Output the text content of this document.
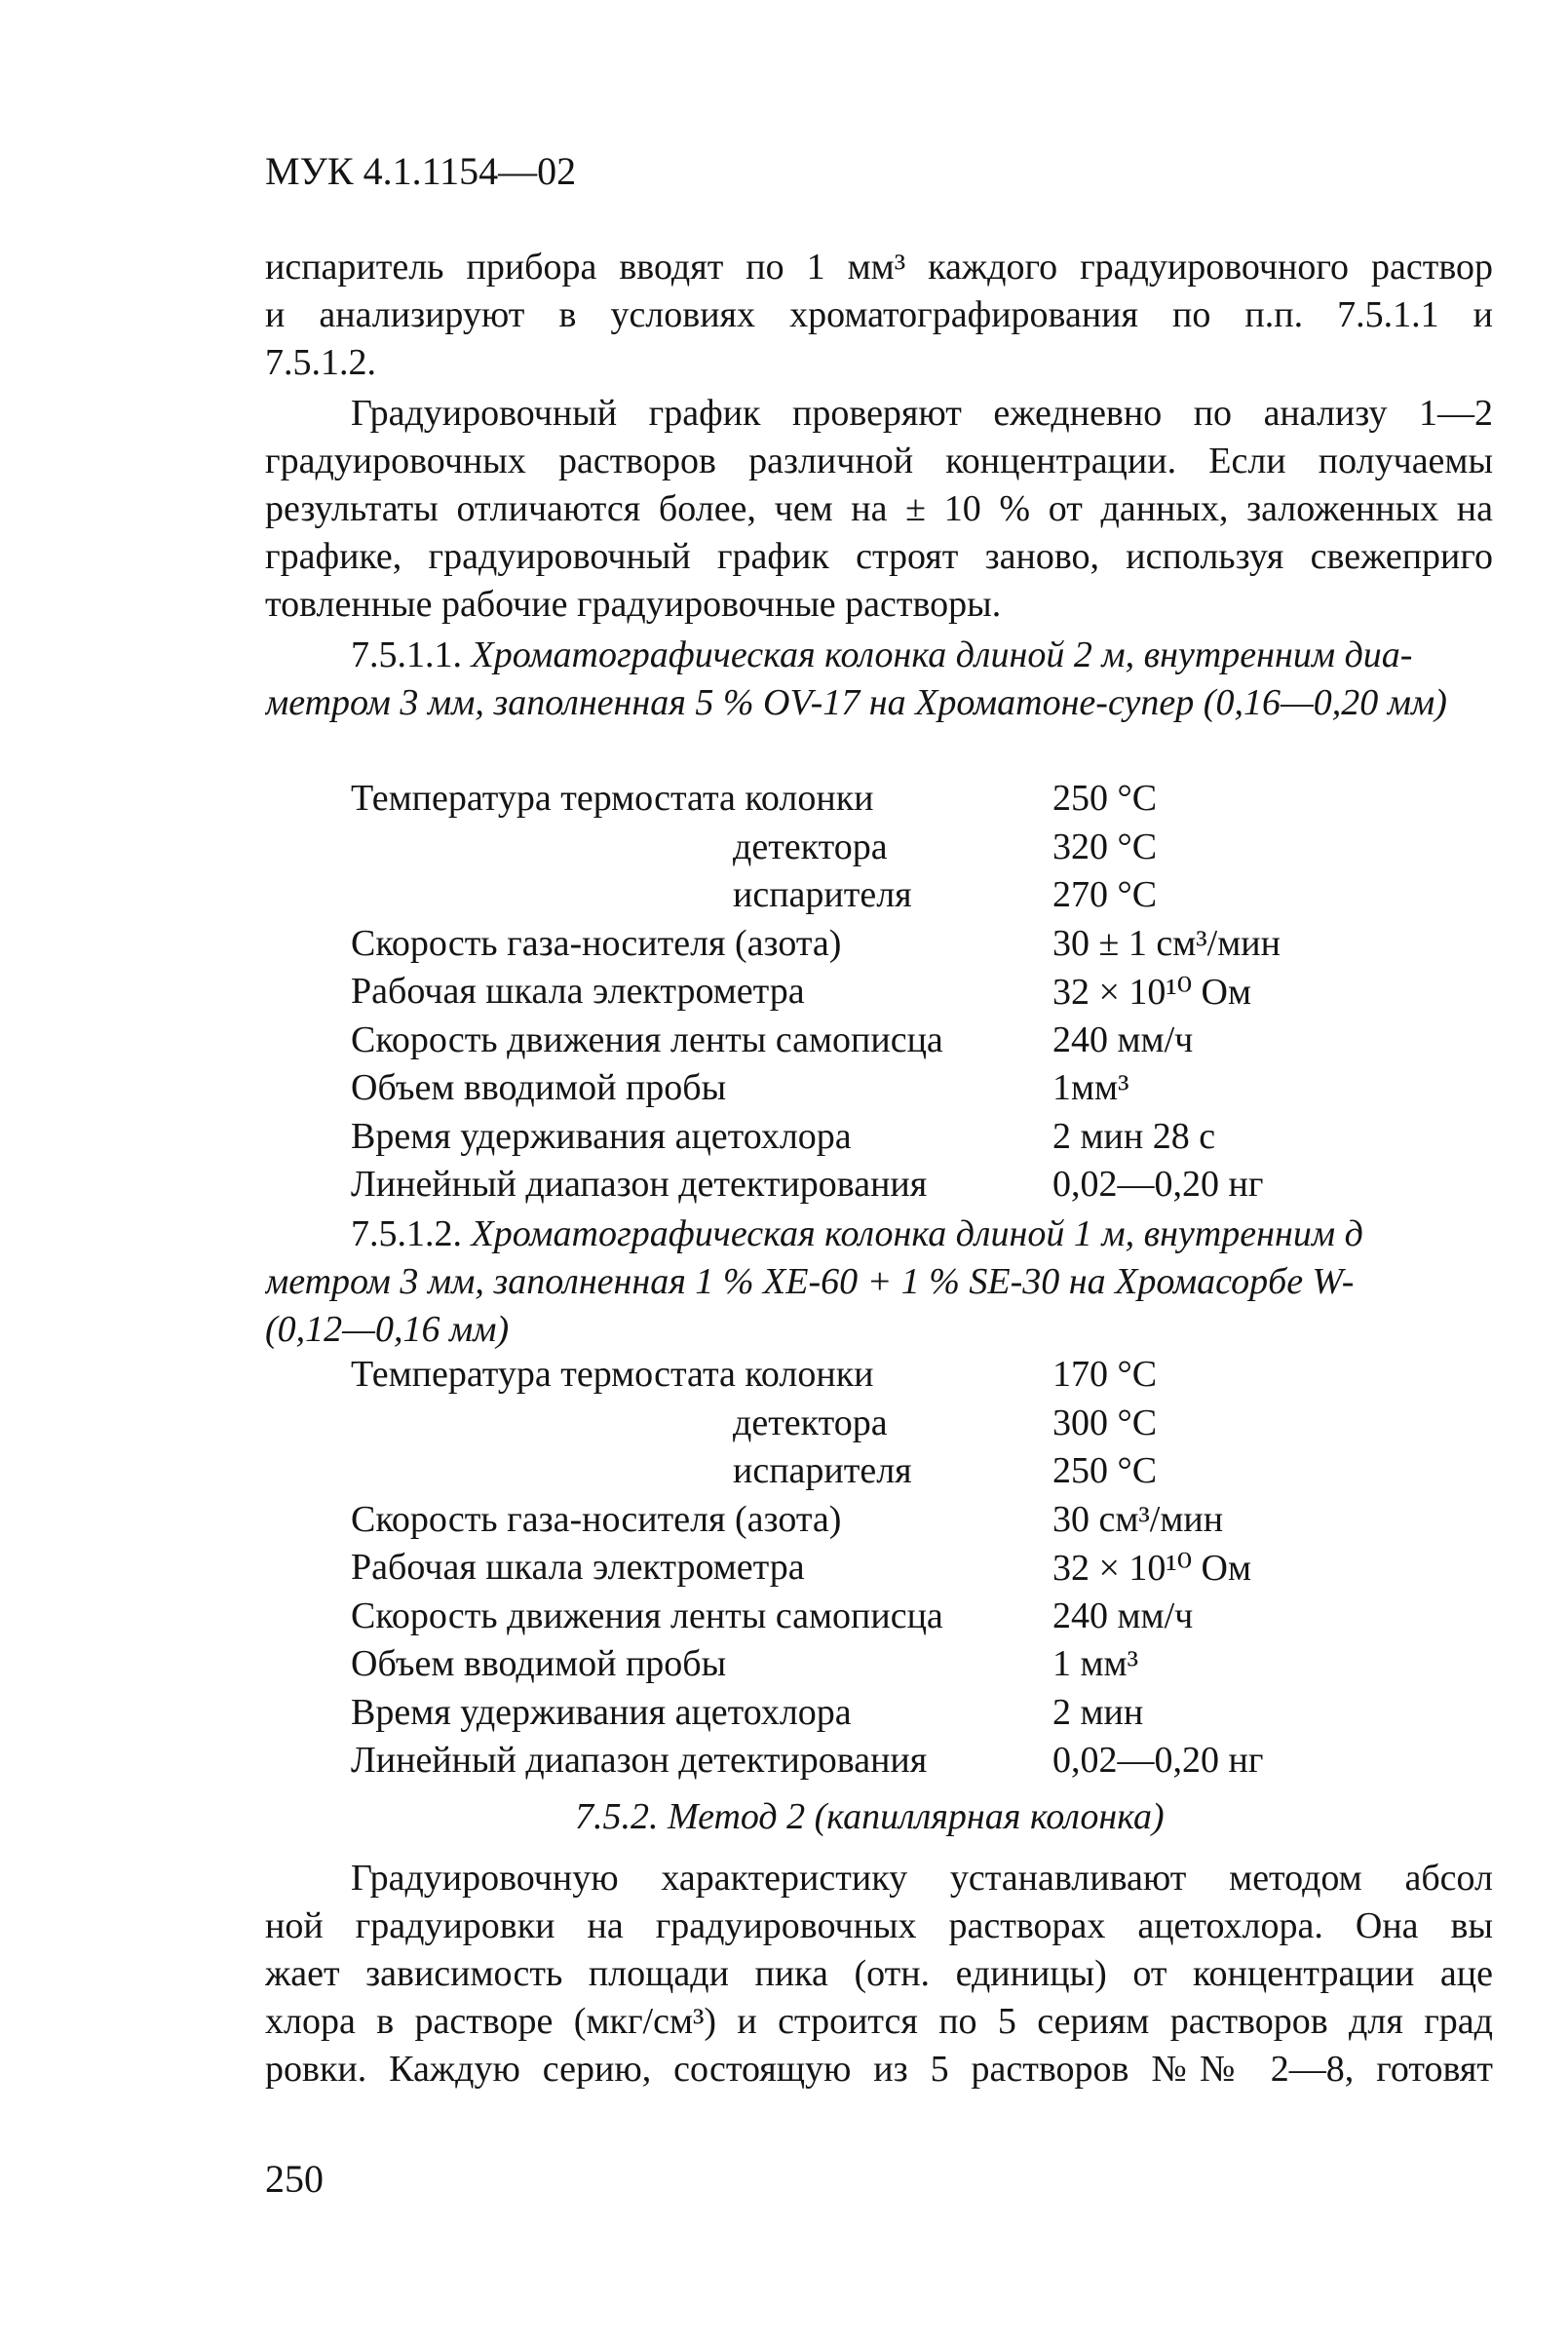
МУК 4.1.1154—02
испаритель прибора вводят по 1 мм³ каждого градуировочного раствор
и анализируют в условиях хроматографирования по п.п. 7.5.1.1 и
7.5.1.2.
Градуировочный график проверяют ежедневно по анализу 1—2
градуировочных растворов различной концентрации. Если получаемы
результаты отличаются более, чем на ± 10 % от данных, заложенных на
графике, градуировочный график строят заново, используя свежеприго
товленные рабочие градуировочные растворы.
7.5.1.1. Хроматографическая колонка длиной 2 м, внутренним диа-
метром 3 мм, заполненная 5 % OV-17 на Хроматоне-супер (0,16—0,20 мм)
Температура термостата колонки	250 °С
детектора	320 °С
испарителя	270 °С
Скорость газа-носителя (азота)	30 ± 1 см³/мин
Рабочая шкала электрометра	32 × 10¹⁰ Ом
Скорость движения ленты самописца	240 мм/ч
Объем вводимой пробы	1мм³
Время удерживания ацетохлора	2 мин 28 с
Линейный диапазон детектирования	0,02—0,20 нг
7.5.1.2. Хроматографическая колонка длиной 1 м, внутренним д
метром 3 мм, заполненная 1 % XE-60 + 1 % SE-30 на Хромасорбе W-
(0,12—0,16 мм)
Температура термостата колонки	170 °С
детектора	300 °С
испарителя	250 °С
Скорость газа-носителя (азота)	30 см³/мин
Рабочая шкала электрометра	32 × 10¹⁰ Ом
Скорость движения ленты самописца	240 мм/ч
Объем вводимой пробы	1 мм³
Время удерживания ацетохлора	2 мин
Линейный диапазон детектирования	0,02—0,20 нг
7.5.2. Метод 2 (капиллярная колонка)
Градуировочную характеристику устанавливают методом абсол
ной градуировки на градуировочных растворах ацетохлора. Она вы
жает зависимость площади пика (отн. единицы) от концентрации аце
хлора в растворе (мкг/см³) и строится по 5 сериям растворов для град
ровки. Каждую серию, состоящую из 5 растворов №№ 2—8, готовят
250
